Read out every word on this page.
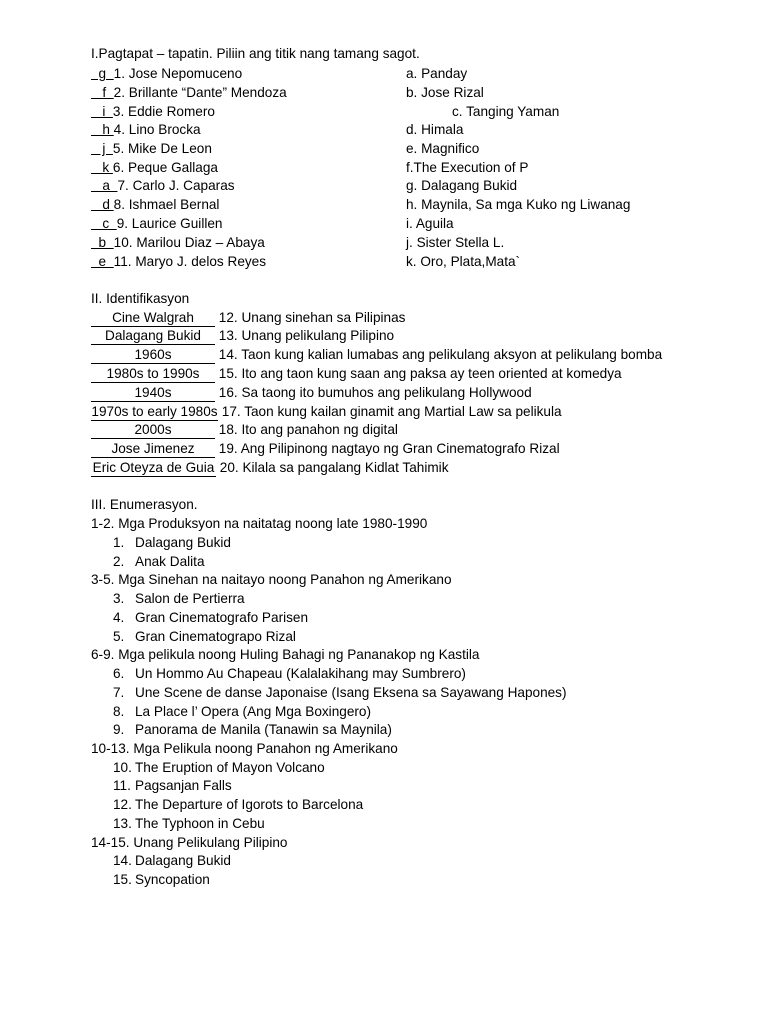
I.Pagtapat – tapatin. Piliin ang titik nang tamang sagot.
g  1. Jose Nepomuceno	a. Panday
f  2. Brillante “Dante” Mendoza	b. Jose Rizal
i  3. Eddie Romero	c. Tanging Yaman
h 4. Lino Brocka	d. Himala
j  5. Mike De Leon	e. Magnifico
k 6. Peque Gallaga	f.The Execution of P
a  7. Carlo J. Caparas	g. Dalagang Bukid
d 8. Ishmael Bernal	h. Maynila, Sa mga Kuko ng Liwanag
c  9. Laurice Guillen	i. Aguila
b  10. Marilou Diaz – Abaya	j. Sister Stella L.
e  11. Maryo J. delos Reyes	k. Oro, Plata,Mata`
II. Identifikasyon
Cine Walgrah 12. Unang sinehan sa Pilipinas
Dalagang Bukid 13. Unang pelikulang Pilipino
1960s	14. Taon kung kalian lumabas ang pelikulang aksyon at pelikulang bomba
1980s to 1990s 15. Ito ang taon kung saan ang paksa ay teen oriented at komedya
1940s	16. Sa taong ito bumuhos ang pelikulang Hollywood
1970s to early 1980s 17. Taon kung kailan ginamit ang Martial Law sa pelikula
2000s	18. Ito ang panahon ng digital
Jose Jimenez 19. Ang Pilipinong nagtayo ng Gran Cinematografo Rizal
Eric Oteyza de Guia 20. Kilala sa pangalang Kidlat Tahimik
III. Enumerasyon.
1-2. Mga Produksyon na naitatag noong late 1980-1990
1. Dalagang Bukid
2. Anak Dalita
3-5. Mga Sinehan na naitayo noong Panahon ng Amerikano
3. Salon de Pertierra
4. Gran Cinematografo Parisen
5. Gran Cinematograpo Rizal
6-9. Mga pelikula noong Huling Bahagi ng Pananakop ng Kastila
6. Un Hommo Au Chapeau (Kalalakihang may Sumbrero)
7. Une Scene de danse Japonaise (Isang Eksena sa Sayawang Hapones)
8. La Place l’ Opera (Ang Mga Boxingero)
9. Panorama de Manila (Tanawin sa Maynila)
10-13. Mga Pelikula noong Panahon ng Amerikano
10. The Eruption of Mayon Volcano
11. Pagsanjan Falls
12. The Departure of Igorots to Barcelona
13. The Typhoon in Cebu
14-15. Unang Pelikulang Pilipino
14. Dalagang Bukid
15. Syncopation
